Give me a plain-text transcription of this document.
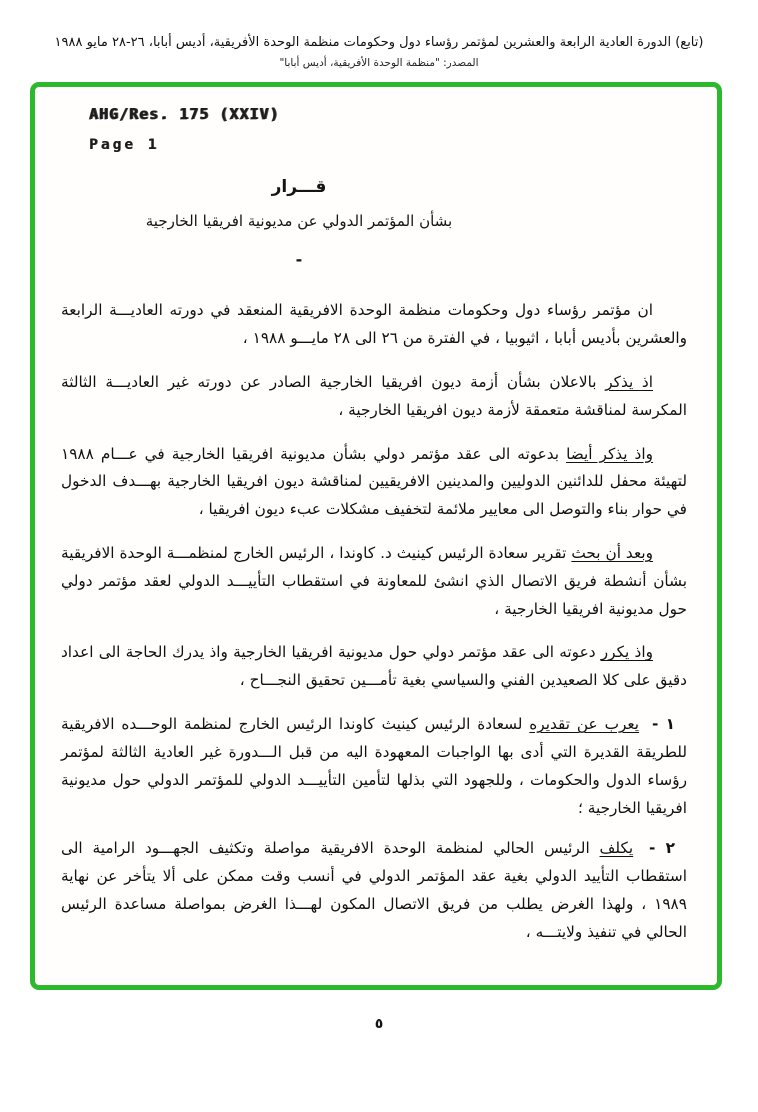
(تابع) الدورة العادية الرابعة والعشرين لمؤتمر رؤساء دول وحكومات منظمة الوحدة الأفريقية، أديس أبابا، ٢٦-٢٨ مايو ١٩٨٨
المصدر: "منظمة الوحدة الأفريقية، أديس أبابا"
AHG/Res. 175 (XXIV)
Page 1
قـــرار
بشأن المؤتمر الدولي عن مديونية افريقيا الخارجية
-

ان مؤتمر رؤساء دول وحكومات منظمة الوحدة الافريقية المنعقد في دورته العاديـــة الرابعة والعشرين بأديس أبابا ، اثيوبيا ، في الفترة من ٢٦ الى ٢٨ مايـــو ١٩٨٨ ،

اذ يذكر بالاعلان بشأن أزمة ديون افريقيا الخارجية الصادر عن دورته غير العاديـــة الثالثة المكرسة لمناقشة متعمقة لأزمة ديون افريقيا الخارجية ،

واذ يذكر أيضا بدعوته الى عقد مؤتمر دولي بشأن مديونية افريقيا الخارجية في عـــام ١٩٨٨ لتهيئة محفل للدائنين الدوليين والمدينين الافريقيين لمناقشة ديون افريقيا الخارجية بهـــدف الدخول في حوار بناء والتوصل الى معايير ملائمة لتخفيف مشكلات عبء ديون افريقيا ،

وبعد أن بحث تقرير سعادة الرئيس كينيث د. كاوندا ، الرئيس الخارج لمنظمـــة الوحدة الافريقية بشأن أنشطة فريق الاتصال الذي انشئ للمعاونة في استقطاب التأييـــد الدولي لعقد مؤتمر دولي حول مديونية افريقيا الخارجية ،

واذ يكرر دعوته الى عقد مؤتمر دولي حول مديونية افريقيا الخارجية واذ يدرك الحاجة الى اعداد دقيق على كلا الصعيدين الفني والسياسي بغية تأمـــين تحقيق النجـــاح ،

١ - يعرب عن تقديره لسعادة الرئيس كينيث كاوندا الرئيس الخارج لمنظمة الوحـــده الافريقية للطريقة القديرة التي أدى بها الواجبات المعهودة اليه من قبل الـــدورة غير العادية الثالثة لمؤتمر رؤساء الدول والحكومات ، وللجهود التي بذلها لتأمين التأييـــد الدولي للمؤتمر الدولي حول مديونية افريقيا الخارجية ؛

٢ - يكلف الرئيس الحالي لمنظمة الوحدة الافريقية مواصلة وتكثيف الجهـــود الرامية الى استقطاب التأييد الدولي بغية عقد المؤتمر الدولي في أنسب وقت ممكن على ألا يتأخر عن نهاية ١٩٨٩ ، ولهذا الغرض يطلب من فريق الاتصال المكون لهـــذا الغرض بمواصلة مساعدة الرئيس الحالي في تنفيذ ولايتـــه ،

٥
